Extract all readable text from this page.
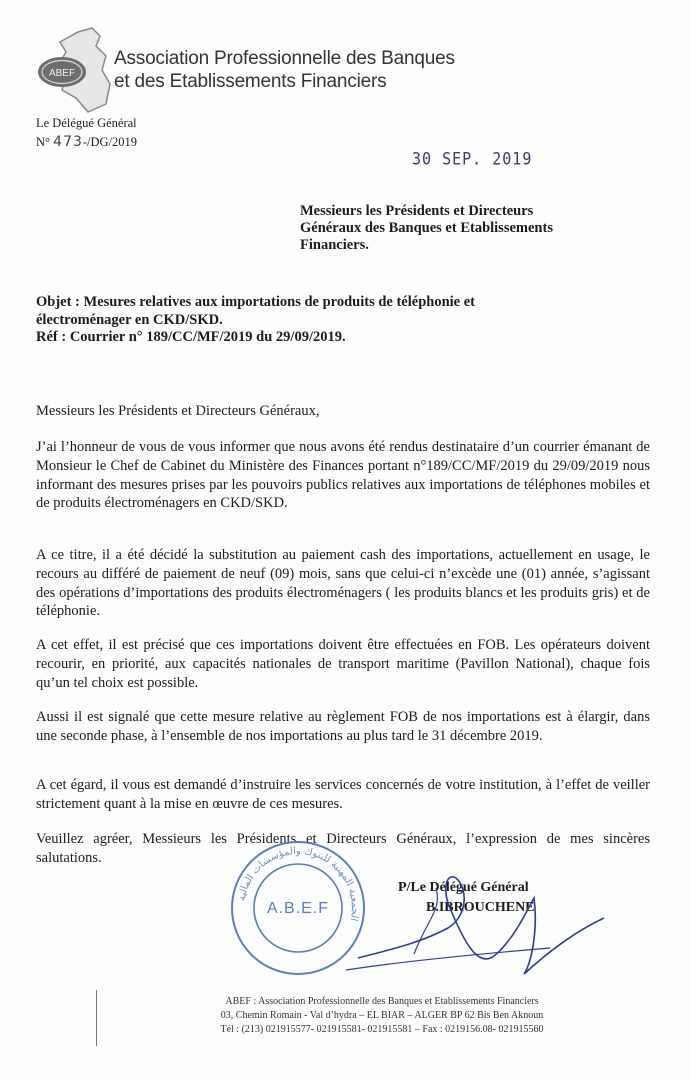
ABEF
Association Professionnelle des Banques
et des Etablissements Financiers
Le Délégué Général
N° 473-/DG/2019
30 SEP. 2019
Messieurs les Présidents et Directeurs
Généraux des Banques et Etablissements
Financiers.
Objet : Mesures relatives aux importations de produits de téléphonie et
électroménager en CKD/SKD.
Réf : Courrier n° 189/CC/MF/2019 du 29/09/2019.
Messieurs les Présidents et Directeurs Généraux,
J’ai l’honneur de vous de vous informer que nous avons été rendus destinataire d’un courrier émanant de Monsieur le Chef de Cabinet du Ministère des Finances portant n°189/CC/MF/2019 du 29/09/2019 nous informant des mesures prises par les pouvoirs publics relatives aux importations de téléphones mobiles et de produits électroménagers en CKD/SKD.
A ce titre, il a été décidé la substitution au paiement cash des importations, actuellement en usage, le recours au différé de paiement de neuf (09) mois, sans que celui-ci n’excède une (01) année, s’agissant des opérations d’importations des produits électroménagers ( les produits blancs et les produits gris) et de téléphonie.
A cet effet, il est précisé que ces importations doivent être effectuées en FOB. Les opérateurs doivent recourir, en priorité, aux capacités nationales de transport maritime (Pavillon National), chaque fois qu’un tel choix est possible.
Aussi il est signalé que cette mesure relative au règlement FOB de nos importations est à élargir, dans une seconde phase, à l’ensemble de nos importations au plus tard le 31 décembre 2019.
A cet égard, il vous est demandé d’instruire les services concernés de votre institution, à l’effet de veiller strictement quant à la mise en œuvre de ces mesures.
Veuillez agréer, Messieurs les Présidents et Directeurs Généraux, l’expression de mes sincères salutations.
الجمعية المهنية للبنوك والمؤسسات المالية
A.B.E.F
P/Le Délégué Général
B.IBROUCHENE
ABEF : Association Professionnelle des Banques et Etablissements Financiers
03, Chemin Romain - Val d’hydra – EL BIAR – ALGER BP 62 Bis Ben Aknoun
Tél : (213) 021915577- 021915581- 021915581 – Fax : 0219156.08- 021915560
